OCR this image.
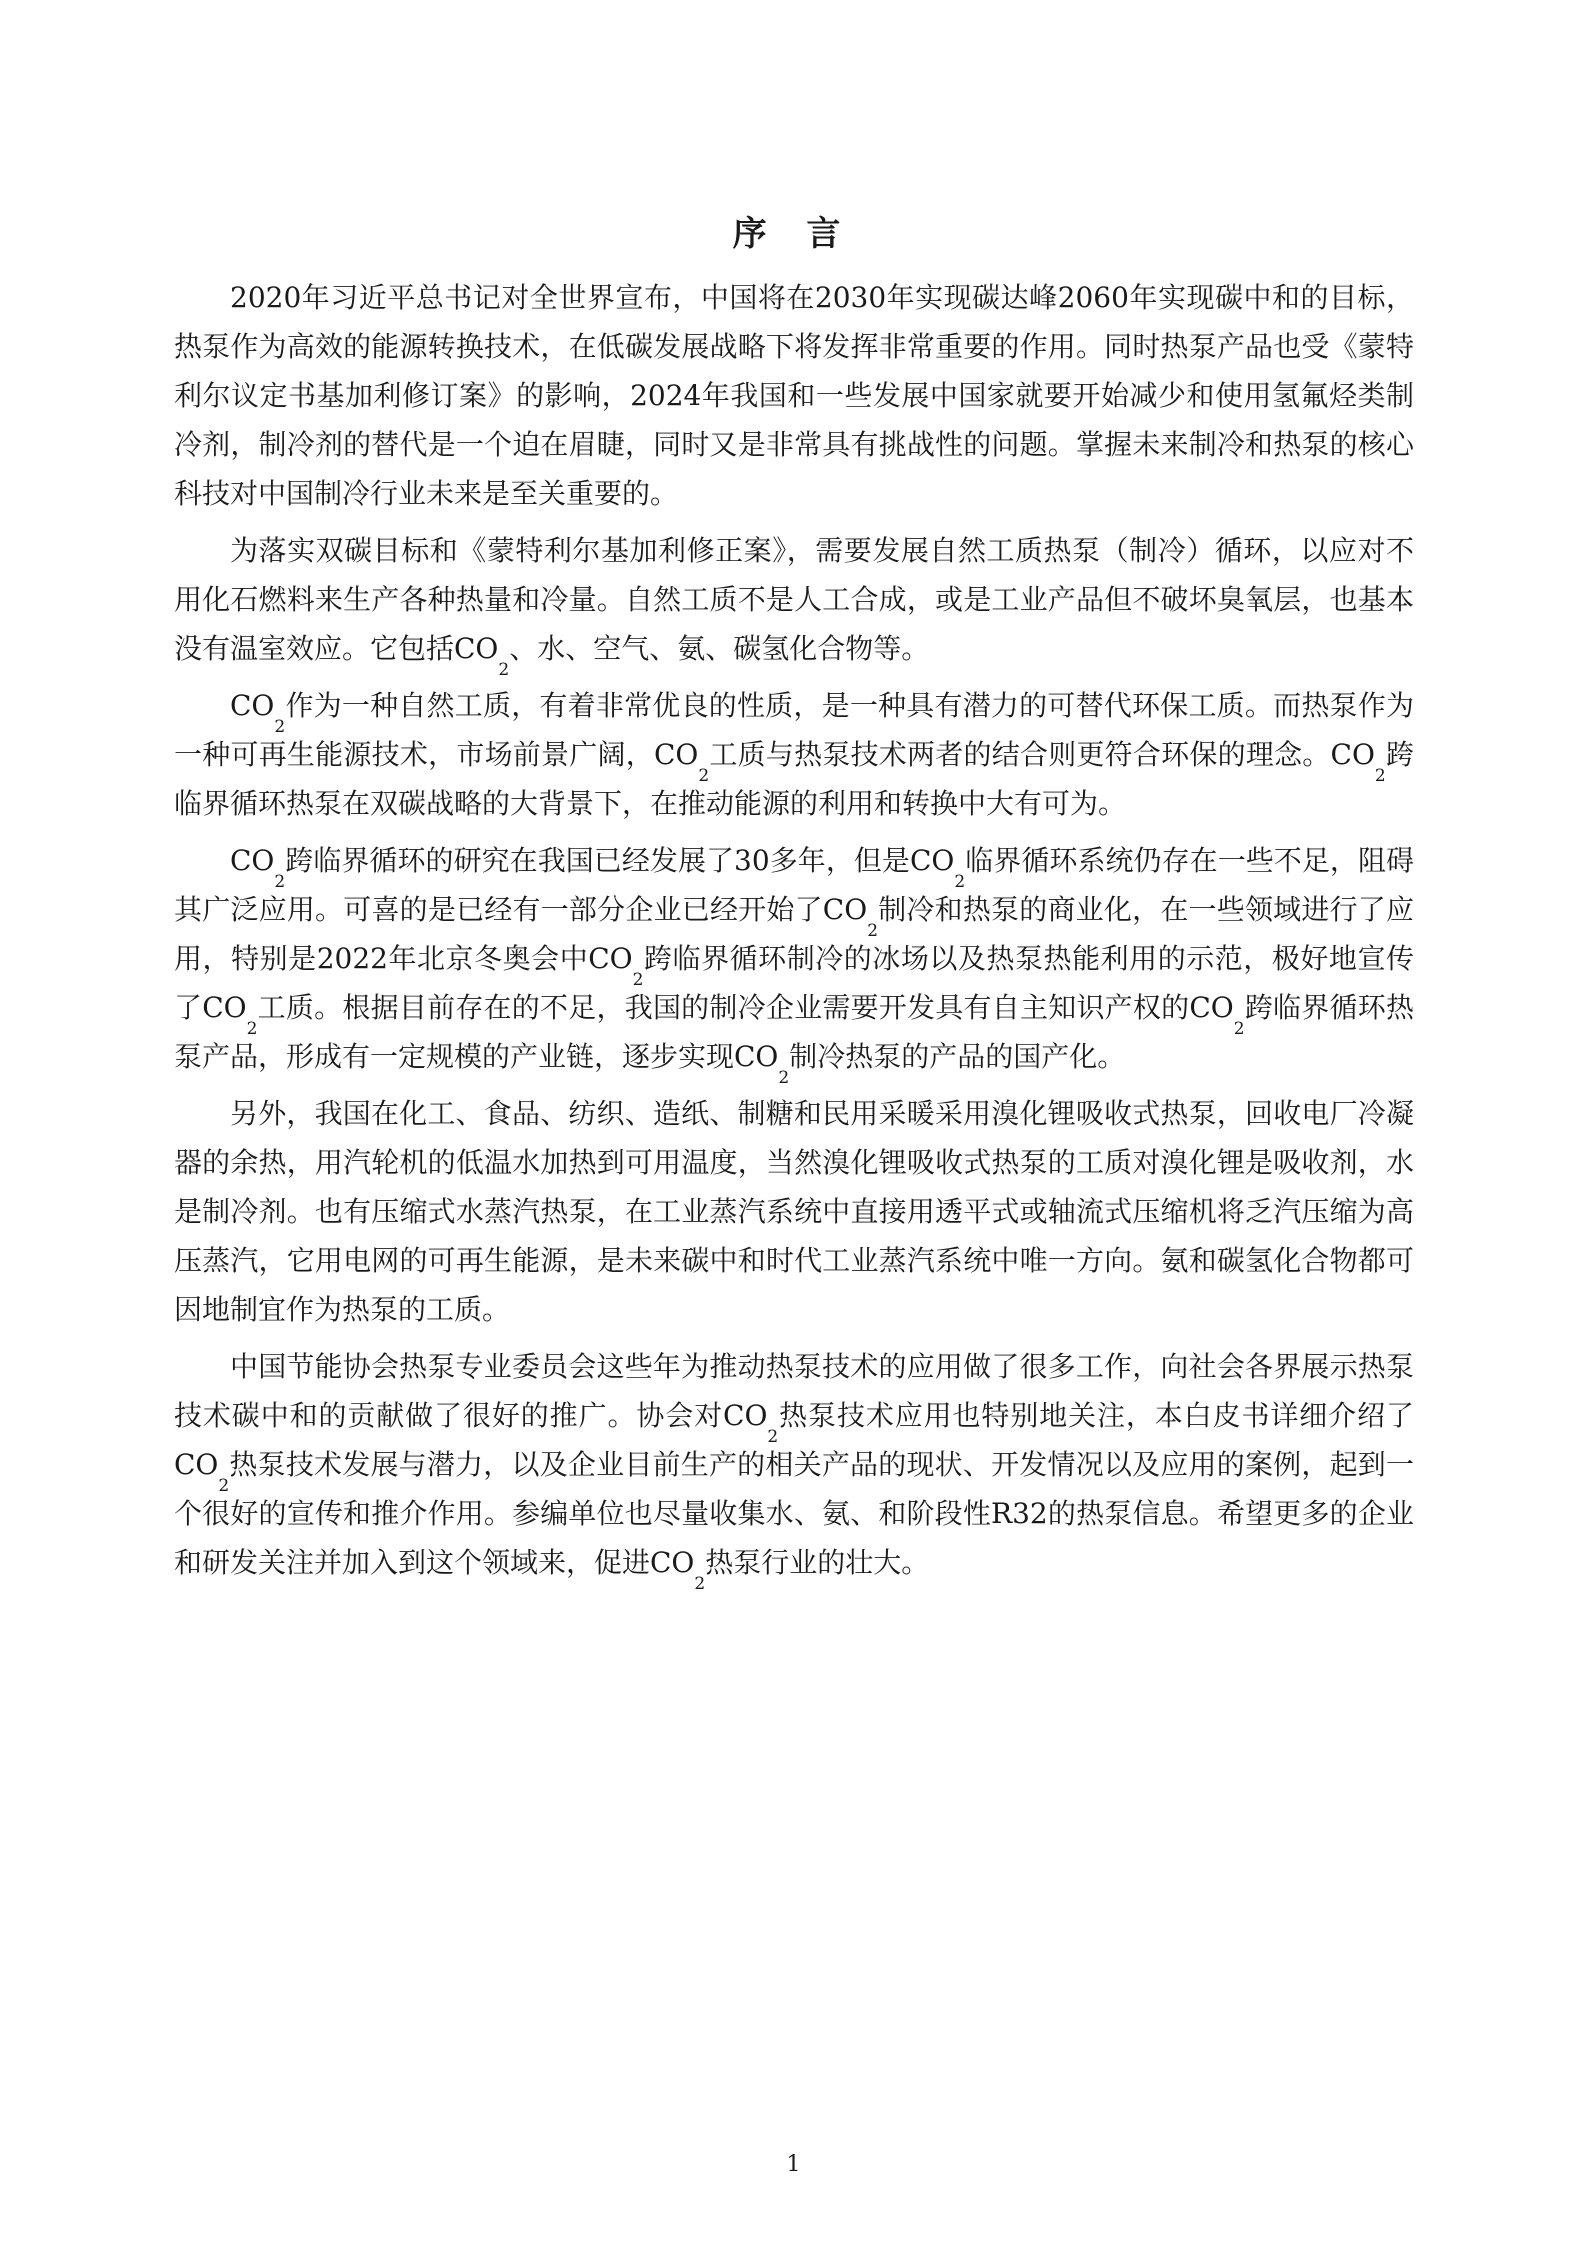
序 言

2020年习近平总书记对全世界宣布，中国将在2030年实现碳达峰2060年实现碳中和的目标，热泵作为高效的能源转换技术，在低碳发展战略下将发挥非常重要的作用。同时热泵产品也受《蒙特利尔议定书基加利修订案》的影响，2024年我国和一些发展中国家就要开始减少和使用氢氟烃类制冷剂，制冷剂的替代是一个迫在眉睫，同时又是非常具有挑战性的问题。掌握未来制冷和热泵的核心科技对中国制冷行业未来是至关重要的。

为落实双碳目标和《蒙特利尔基加利修正案》，需要发展自然工质热泵（制冷）循环，以应对不用化石燃料来生产各种热量和冷量。自然工质不是人工合成，或是工业产品但不破坏臭氧层，也基本没有温室效应。它包括$CO_2$、水、空气、氨、碳氢化合物等。

$CO_2$作为一种自然工质，有着非常优良的性质，是一种具有潜力的可替代环保工质。而热泵作为一种可再生能源技术，市场前景广阔，$CO_2$工质与热泵技术两者的结合则更符合环保的理念。$CO_2$跨临界循环热泵在双碳战略的大背景下，在推动能源的利用和转换中大有可为。

$CO_2$跨临界循环的研究在我国已经发展了30多年，但是$CO_2$临界循环系统仍存在一些不足，阻碍其广泛应用。可喜的是已经有一部分企业已经开始了$CO_2$制冷和热泵的商业化，在一些领域进行了应用，特别是2022年北京冬奥会中$CO_2$跨临界循环制冷的冰场以及热泵热能利用的示范，极好地宣传了$CO_2$工质。根据目前存在的不足，我国的制冷企业需要开发具有自主知识产权的$CO_2$跨临界循环热泵产品，形成有一定规模的产业链，逐步实现$CO_2$制冷热泵的产品的国产化。

另外，我国在化工、食品、纺织、造纸、制糖和民用采暖采用溴化锂吸收式热泵，回收电厂冷凝器的余热，用汽轮机的低温水加热到可用温度，当然溴化锂吸收式热泵的工质对溴化锂是吸收剂，水是制冷剂。也有压缩式水蒸汽热泵，在工业蒸汽系统中直接用透平式或轴流式压缩机将乏汽压缩为高压蒸汽，它用电网的可再生能源，是未来碳中和时代工业蒸汽系统中唯一方向。氨和碳氢化合物都可因地制宜作为热泵的工质。

中国节能协会热泵专业委员会这些年为推动热泵技术的应用做了很多工作，向社会各界展示热泵技术碳中和的贡献做了很好的推广。协会对$CO_2$热泵技术应用也特别地关注，本白皮书详细介绍了$CO_2$热泵技术发展与潜力，以及企业目前生产的相关产品的现状、开发情况以及应用的案例，起到一个很好的宣传和推介作用。参编单位也尽量收集水、氨、和阶段性R32的热泵信息。希望更多的企业和研发关注并加入到这个领域来，促进$CO_2$热泵行业的壮大。

1
